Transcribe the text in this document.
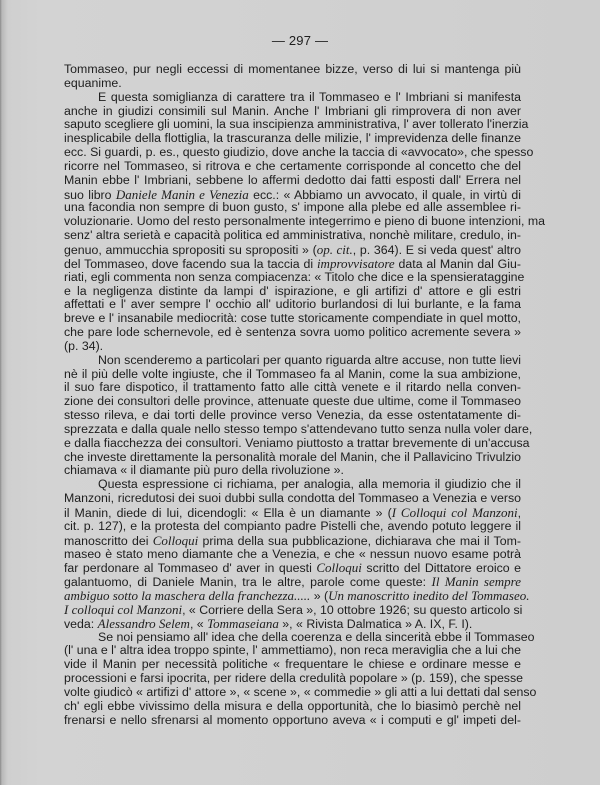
— 297 —
Tommaseo, pur negli eccessi di momentanee bizze, verso di lui si mantenga più
equanime.
E questa somiglianza di carattere tra il Tommaseo e l' Imbriani si manifesta
anche in giudizi consimili sul Manin. Anche l' Imbriani gli rimprovera di non aver
saputo scegliere gli uomini, la sua inscipienza amministrativa, l' aver tollerato l'inerzia
inesplicabile della flottiglia, la trascuranza delle milizie, l' imprevidenza delle finanze
ecc. Si guardi, p. es., questo giudizio, dove anche la taccia di «avvocato», che spesso
ricorre nel Tommaseo, si ritrova e che certamente corrisponde al concetto che del
Manin ebbe l' Imbriani, sebbene lo affermi dedotto dai fatti esposti dall' Errera nel
suo libro Daniele Manin e Venezia ecc.: « Abbiamo un avvocato, il quale, in virtù di
una facondia non sempre di buon gusto, s' impone alla plebe ed alle assemblee ri-
voluzionarie. Uomo del resto personalmente integerrimo e pieno di buone intenzioni, ma
senz' altra serietà e capacità politica ed amministrativa, nonchè militare, credulo, in-
genuo, ammucchia spropositi su spropositi » (op. cit., p. 364). E si veda quest' altro
del Tommaseo, dove facendo sua la taccia di improvvisatore data al Manin dal Giu-
riati, egli commenta non senza compiacenza: « Titolo che dice e la spensierataggine
e la negligenza distinte da lampi d' ispirazione, e gli artifizi d' attore e gli estri
affettati e l' aver sempre l' occhio all' uditorio burlandosi di lui burlante, e la fama
breve e l' insanabile mediocrità: cose tutte storicamente compendiate in quel motto,
che pare lode schernevole, ed è sentenza sovra uomo politico acremente severa »
(p. 34).
Non scenderemo a particolari per quanto riguarda altre accuse, non tutte lievi
nè il più delle volte ingiuste, che il Tommaseo fa al Manin, come la sua ambizione,
il suo fare dispotico, il trattamento fatto alle città venete e il ritardo nella conven-
zione dei consultori delle province, attenuate queste due ultime, come il Tommaseo
stesso rileva, e dai torti delle province verso Venezia, da esse ostentatamente di-
sprezzata e dalla quale nello stesso tempo s'attendevano tutto senza nulla voler dare,
e dalla fiacchezza dei consultori. Veniamo piuttosto a trattar brevemente di un'accusa
che investe direttamente la personalità morale del Manin, che il Pallavicino Trivulzio
chiamava « il diamante più puro della rivoluzione ».
Questa espressione ci richiama, per analogia, alla memoria il giudizio che il
Manzoni, ricredutosi dei suoi dubbi sulla condotta del Tommaseo a Venezia e verso
il Manin, diede di lui, dicendogli: « Ella è un diamante » (I Colloqui col Manzoni,
cit. p. 127), e la protesta del compianto padre Pistelli che, avendo potuto leggere il
manoscritto dei Colloqui prima della sua pubblicazione, dichiarava che mai il Tom-
maseo è stato meno diamante che a Venezia, e che « nessun nuovo esame potrà
far perdonare al Tommaseo d' aver in questi Colloqui scritto del Dittatore eroico e
galantuomo, di Daniele Manin, tra le altre, parole come queste: Il Manin sempre
ambiguo sotto la maschera della franchezza..... » (Un manoscritto inedito del Tommaseo.
I colloqui col Manzoni, « Corriere della Sera », 10 ottobre 1926; su questo articolo si
veda: Alessandro Selem, « Tommaseiana », « Rivista Dalmatica » A. IX, F. I).
Se noi pensiamo all' idea che della coerenza e della sincerità ebbe il Tommaseo
(l' una e l' altra idea troppo spinte, l' ammettiamo), non reca meraviglia che a lui che
vide il Manin per necessità politiche « frequentare le chiese e ordinare messe e
processioni e farsi ipocrita, per ridere della credulità popolare » (p. 159), che spesse
volte giudicò « artifizi d' attore », « scene », « commedie » gli atti a lui dettati dal senso
ch' egli ebbe vivissimo della misura e della opportunità, che lo biasimò perchè nel
frenarsi e nello sfrenarsi al momento opportuno aveva « i computi e gl' impeti del-
